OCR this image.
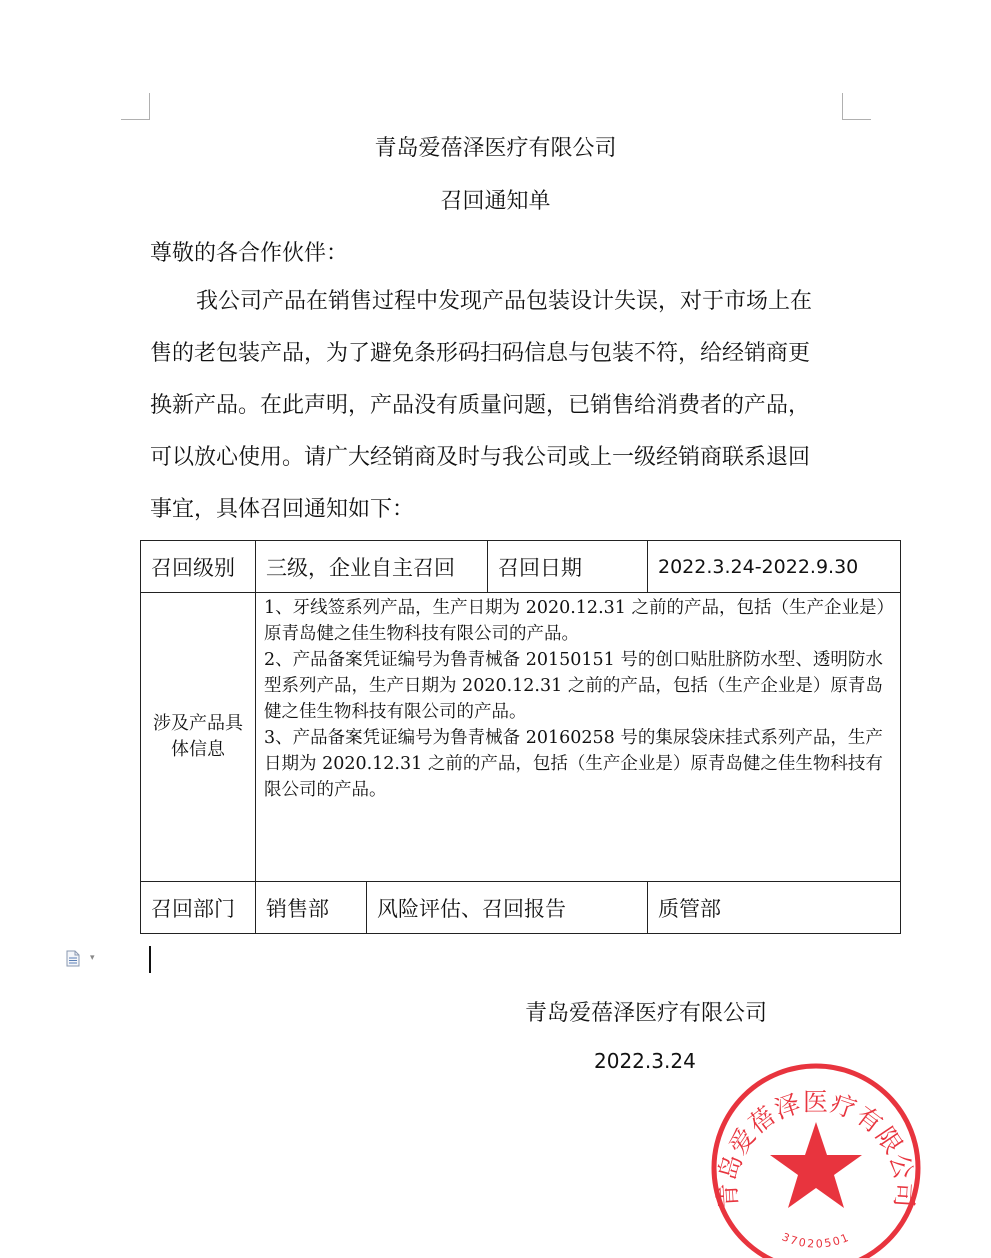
青岛爱蓓泽医疗有限公司
召回通知单
尊敬的各合作伙伴：
我公司产品在销售过程中发现产品包装设计失误，对于市场上在
售的老包装产品，为了避免条形码扫码信息与包装不符，给经销商更
换新产品。在此声明，产品没有质量问题，已销售给消费者的产品，
可以放心使用。请广大经销商及时与我公司或上一级经销商联系退回
事宜，具体召回通知如下：
召回级别	三级，企业自主召回		召回日期	2022.3.24-2022.9.30
涉及产品具体信息	1、牙线签系列产品，生产日期为 2020.12.31 之前的产品，包括（生产企业是）原青岛健之佳生物科技有限公司的产品。

2、产品备案凭证编号为鲁青械备 20150151 号的创口贴肚脐防水型、透明防水型系列产品，生产日期为 2020.12.31 之前的产品，包括（生产企业是）原青岛健之佳生物科技有限公司的产品。

3、产品备案凭证编号为鲁青械备 20160258 号的集尿袋床挂式系列产品，生产日期为 2020.12.31 之前的产品，包括（生产企业是）原青岛健之佳生物科技有限公司的产品。			

召回部门	销售部	风险评估、召回报告		质管部
▾
青岛爱蓓泽医疗有限公司
2022.3.24
青岛爱蓓泽医疗有限公司
37020501
